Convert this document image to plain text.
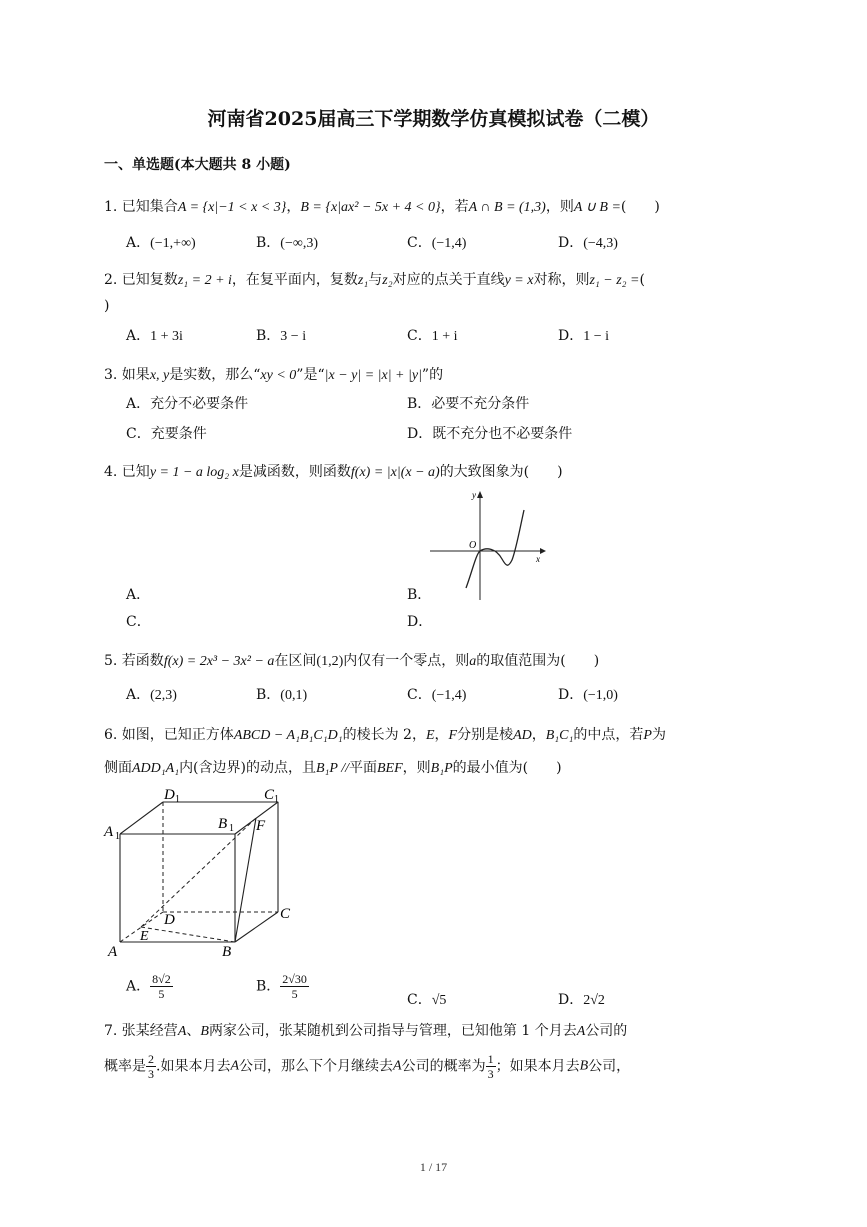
河南省2025届高三下学期数学仿真模拟试卷（二模）
一、单选题(本大题共 8 小题)
1. 已知集合A = {x|−1 < x < 3}，B = {x|ax² − 5x + 4 < 0}，若A ∩ B = (1,3)，则A ∪ B =(　　)
A．(−1,+∞)	B．(−∞,3)	C．(−1,4)	D．(−4,3)
2. 已知复数z₁ = 2 + i，在复平面内，复数z₁与z₂对应的点关于直线y = x对称，则z₁ − z₂ =(
)
A．1 + 3i	B．3 − i	C．1 + i	D．1 − i
3. 如果x, y是实数，那么“xy < 0”是“|x − y| = |x| + |y|”的
A．充分不必要条件	B．必要不充分条件
C．充要条件	D．既不充分也不必要条件
4. 已知y = 1 − a log₂ x是减函数，则函数f(x) = |x|(x − a)的大致图象为(　　)
O
x
y
A．	B．
C．	D．
5. 若函数f(x) = 2x³ − 3x² − a在区间(1,2)内仅有一个零点，则a的取值范围为(　　)
A．(2,3)	B．(0,1)	C．(−1,4)	D．(−1,0)
6. 如图，已知正方体ABCD − A₁B₁C₁D₁的棱长为 2，E，F分别是棱AD，B₁C₁的中点，若P为
侧面ADD₁A₁内(含边界)的动点，且B₁P //平面BEF，则B₁P的最小值为(　　)
A	B
C
D
E
F
A 1
B 1
C 1
D 1
A． $\frac{8√2}{5}$	B． $\frac{2√30}{5}$	C．√5	D．2√2
7. 张某经营A、B两家公司，张某随机到公司指导与管理，已知他第 1 个月去A公司的
概率是 $\frac{2}{3}$ .如果本月去A公司，那么下个月继续去A公司的概率为 $\frac{1}{3}$ ；如果本月去B公司，
1 / 17
